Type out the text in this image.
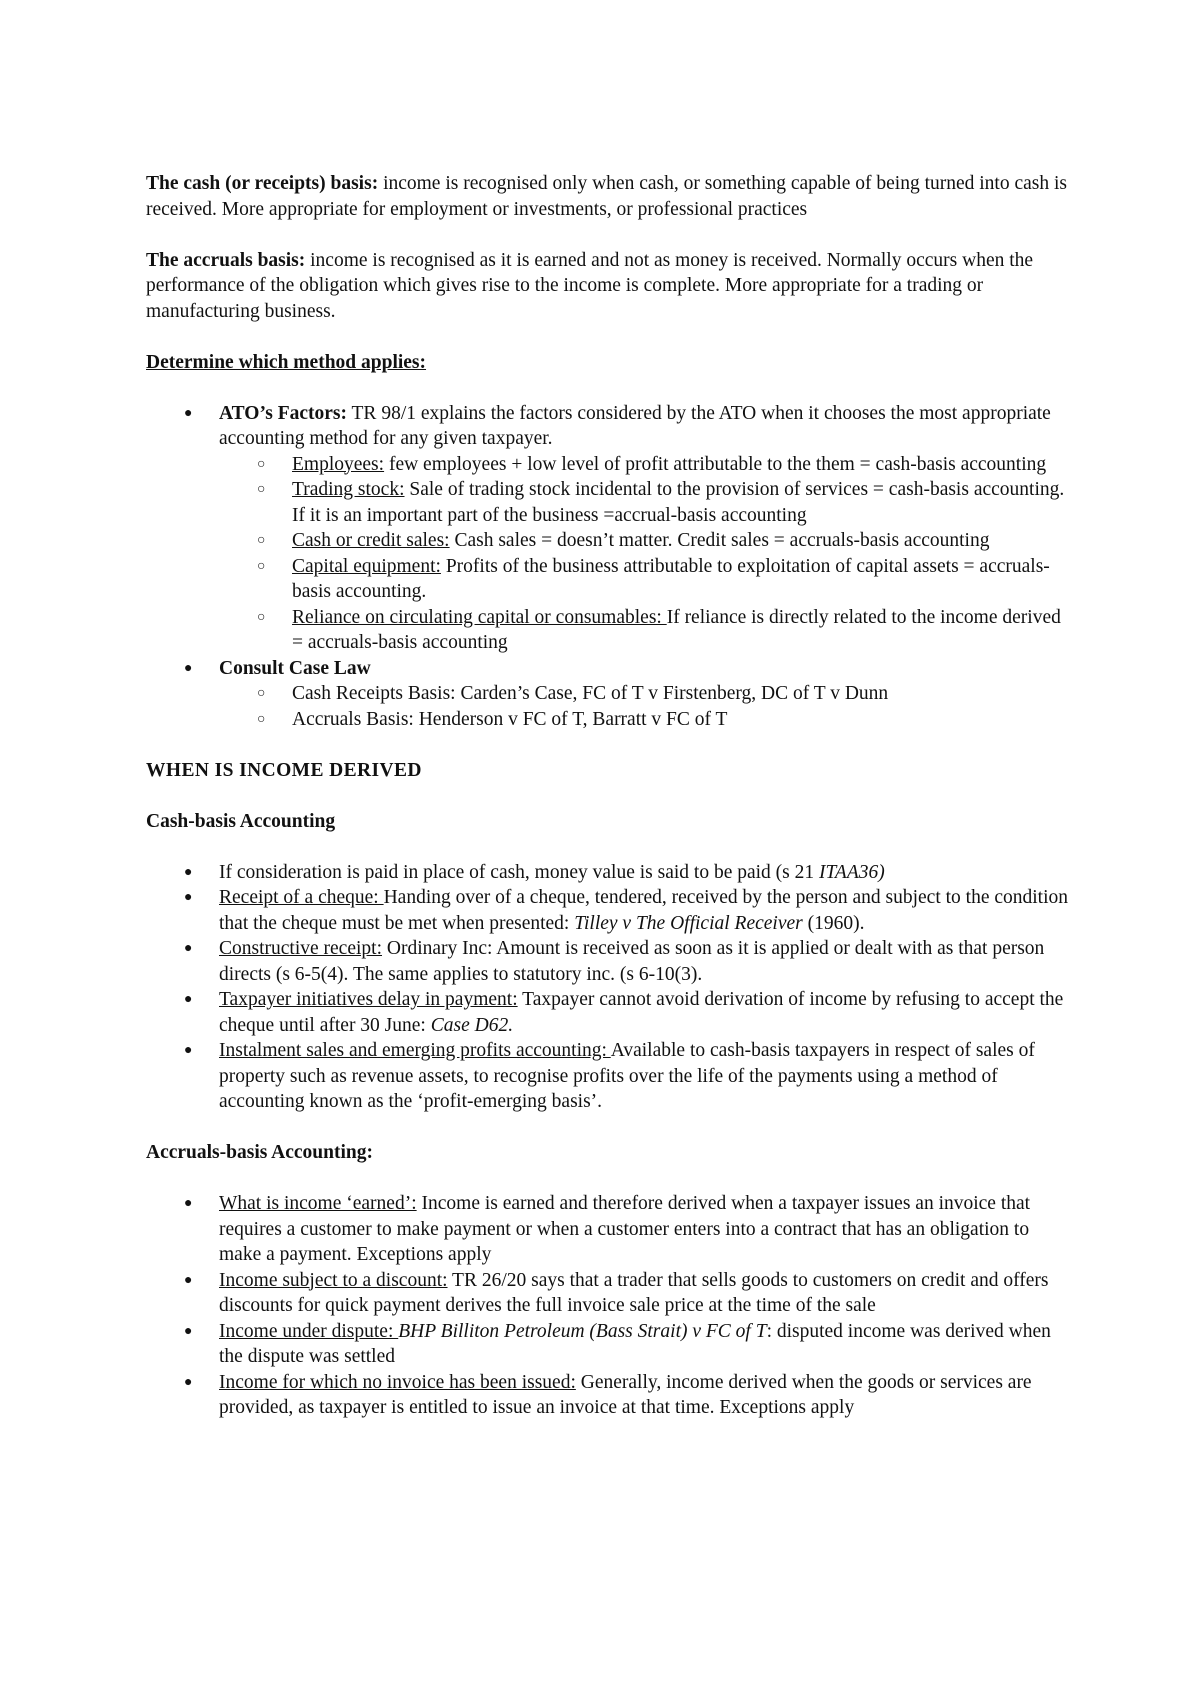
The cash (or receipts) basis: income is recognised only when cash, or something capable of being turned into cash is received. More appropriate for employment or investments, or professional practices

The accruals basis: income is recognised as it is earned and not as money is received. Normally occurs when the performance of the obligation which gives rise to the income is complete. More appropriate for a trading or manufacturing business.

Determine which method applies:

● ATO’s Factors: TR 98/1 explains the factors considered by the ATO when it chooses the most appropriate accounting method for any given taxpayer.
○ Employees: few employees + low level of profit attributable to the them = cash-basis accounting
○ Trading stock: Sale of trading stock incidental to the provision of services = cash-basis accounting. If it is an important part of the business =accrual-basis accounting
○ Cash or credit sales: Cash sales = doesn’t matter. Credit sales = accruals-basis accounting
○ Capital equipment: Profits of the business attributable to exploitation of capital assets = accruals-basis accounting.
○ Reliance on circulating capital or consumables: If reliance is directly related to the income derived = accruals-basis accounting
● Consult Case Law
○ Cash Receipts Basis: Carden’s Case, FC of T v Firstenberg, DC of T v Dunn
○ Accruals Basis: Henderson v FC of T, Barratt v FC of T

WHEN IS INCOME DERIVED

Cash-basis Accounting

● If consideration is paid in place of cash, money value is said to be paid (s 21 ITAA36)
● Receipt of a cheque: Handing over of a cheque, tendered, received by the person and subject to the condition that the cheque must be met when presented: Tilley v The Official Receiver (1960).
● Constructive receipt: Ordinary Inc: Amount is received as soon as it is applied or dealt with as that person directs (s 6-5(4). The same applies to statutory inc. (s 6-10(3).
● Taxpayer initiatives delay in payment: Taxpayer cannot avoid derivation of income by refusing to accept the cheque until after 30 June: Case D62.
● Instalment sales and emerging profits accounting: Available to cash-basis taxpayers in respect of sales of property such as revenue assets, to recognise profits over the life of the payments using a method of accounting known as the ‘profit-emerging basis’.

Accruals-basis Accounting:

● What is income ‘earned’: Income is earned and therefore derived when a taxpayer issues an invoice that requires a customer to make payment or when a customer enters into a contract that has an obligation to make a payment. Exceptions apply
● Income subject to a discount: TR 26/20 says that a trader that sells goods to customers on credit and offers discounts for quick payment derives the full invoice sale price at the time of the sale
● Income under dispute: BHP Billiton Petroleum (Bass Strait) v FC of T: disputed income was derived when the dispute was settled
● Income for which no invoice has been issued: Generally, income derived when the goods or services are provided, as taxpayer is entitled to issue an invoice at that time. Exceptions apply
